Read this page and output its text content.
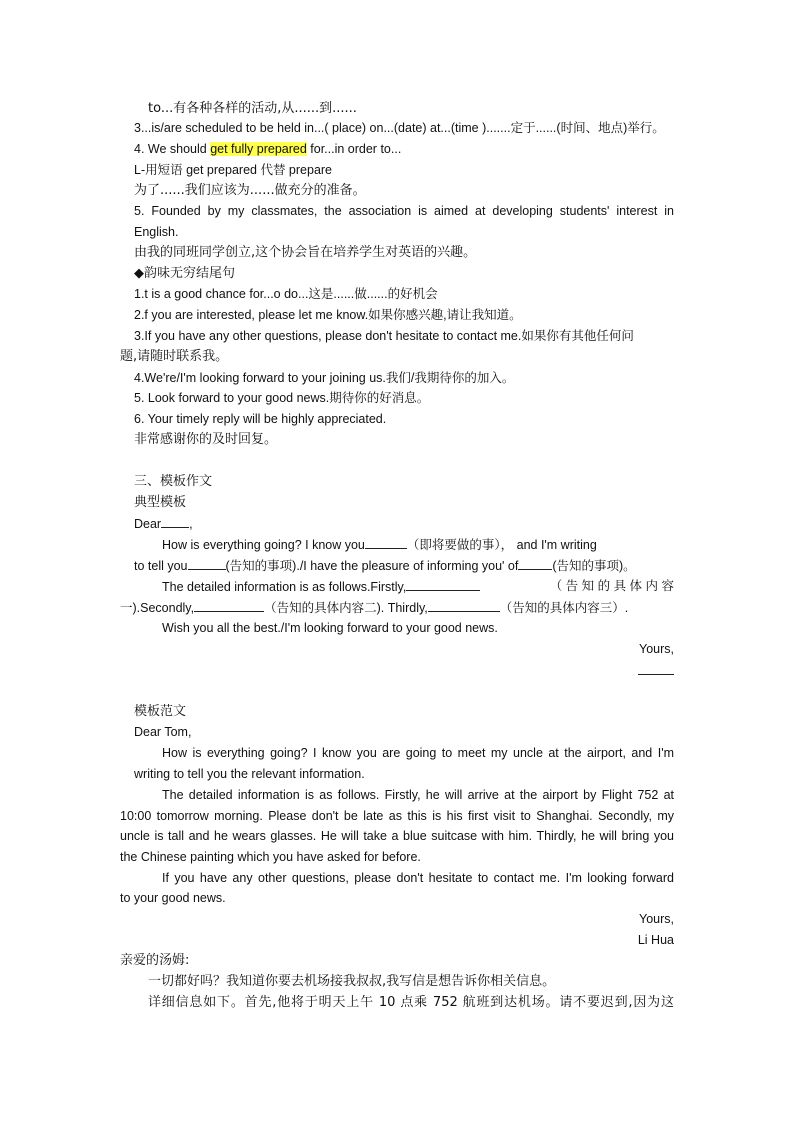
to...有各种各样的活动,从......到......
3...is/are scheduled to be held in...( place) on...(date) at...(time ).......定于......(时间、地点)举行。
4. We should get fully prepared for...in order to...
L-用短语 get prepared 代替 prepare
为了......我们应该为......做充分的准备。
5. Founded by my classmates, the association is aimed at developing students' interest in
English.
由我的同班同学创立,这个协会旨在培养学生对英语的兴趣。
◆韵味无穷结尾句
1.t is a good chance for...o do...这是......做......的好机会
2.f you are interested, please let me know.如果你感兴趣,请让我知道。
3.If you have any other questions, please don't hesitate to contact me.如果你有其他任何问
题,请随时联系我。
4.We're/I'm looking forward to your joining us.我们/我期待你的加入。
5. Look forward to your good news.期待你的好消息。
6. Your timely reply will be highly appreciated.
非常感谢你的及时回复。
三、模板作文
典型模板
Dear ,
How is everything going? I know you	（即将要做的事）， and I'm writing
to tell you	(告知的事项)./I have the pleasure of informing you' of	(告知的事项)。
The detailed information is as follows.Firstly,	（ 告 知 的 具 体 内 容
一).Secondly,	（告知的具体内容二). Thirdly,	（告知的具体内容三）.
Wish you all the best./I'm looking forward to your good news.
Yours,
模板范文
Dear Tom,
How is everything going? I know you are going to meet my uncle at the airport, and I'm
writing to tell you the relevant information.
The detailed information is as follows. Firstly, he will arrive at the airport by Flight 752 at
10:00 tomorrow morning. Please don't be late as this is his first visit to Shanghai. Secondly, my
uncle is tall and he wears glasses. He will take a blue suitcase with him. Thirdly, he will bring you
the Chinese painting which you have asked for before.
If you have any other questions, please don't hesitate to contact me. I'm looking forward
to your good news.
Yours,
Li Hua
亲爱的汤姆:
一切都好吗？我知道你要去机场接我叔叔,我写信是想告诉你相关信息。
详细信息如下。首先,他将于明天上午 10 点乘 752 航班到达机场。请不要迟到,因为这
